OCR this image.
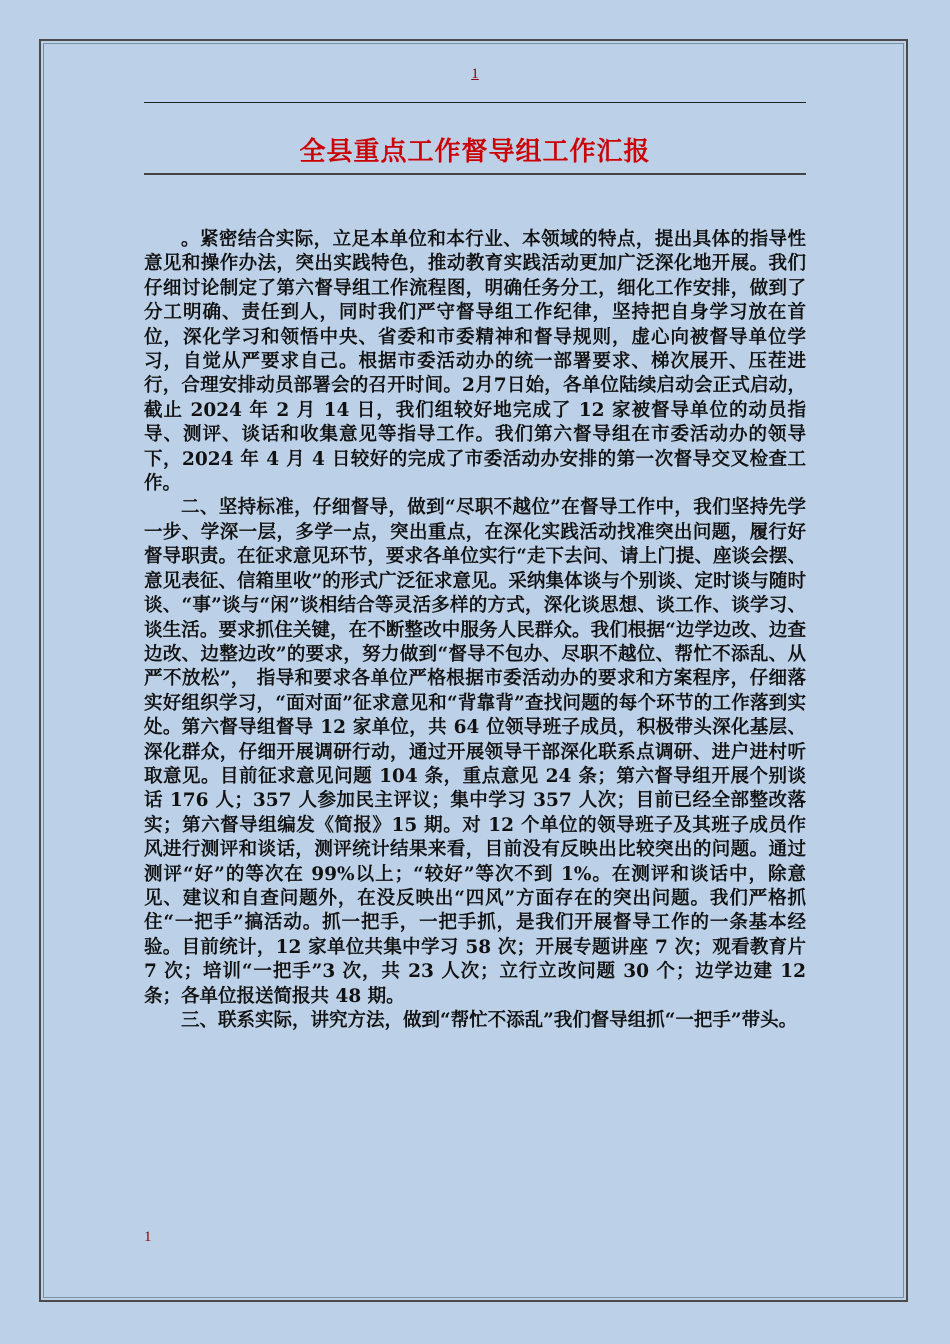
1
全县重点工作督导组工作汇报

。紧密结合实际，立足本单位和本行业、本领域的特点，提出具体的指导性意见和操作办法，突出实践特色，推动教育实践活动更加广泛深化地开展。我们仔细讨论制定了第六督导组工作流程图，明确任务分工，细化工作安排，做到了分工明确、责任到人，同时我们严守督导组工作纪律，坚持把自身学习放在首位，深化学习和领悟中央、省委和市委精神和督导规则，虚心向被督导单位学习，自觉从严要求自己。根据市委活动办的统一部署要求、梯次展开、压茬进行，合理安排动员部署会的召开时间。2月7日始，各单位陆续启动会正式启动，截止 2024 年 2 月 14 日，我们组较好地完成了 12 家被督导单位的动员指导、测评、谈话和收集意见等指导工作。我们第六督导组在市委活动办的领导下，2024 年 4 月 4 日较好的完成了市委活动办安排的第一次督导交叉检查工作。

二、坚持标准，仔细督导，做到“尽职不越位”在督导工作中，我们坚持先学一步、学深一层，多学一点，突出重点，在深化实践活动找准突出问题，履行好督导职责。在征求意见环节，要求各单位实行“走下去问、请上门提、座谈会摆、意见表征、信箱里收”的形式广泛征求意见。采纳集体谈与个别谈、定时谈与随时谈、“事”谈与“闲”谈相结合等灵活多样的方式，深化谈思想、谈工作、谈学习、谈生活。要求抓住关键，在不断整改中服务人民群众。我们根据“边学边改、边查边改、边整边改”的要求，努力做到“督导不包办、尽职不越位、帮忙不添乱、从严不放松”， 指导和要求各单位严格根据市委活动办的要求和方案程序，仔细落实好组织学习，“面对面”征求意见和“背靠背”查找问题的每个环节的工作落到实处。第六督导组督导 12 家单位，共 64 位领导班子成员，积极带头深化基层、深化群众，仔细开展调研行动，通过开展领导干部深化联系点调研、进户进村听取意见。目前征求意见问题 104 条，重点意见 24 条；第六督导组开展个别谈话 176 人；357 人参加民主评议；集中学习 357 人次；目前已经全部整改落实；第六督导组编发《简报》15 期。对 12 个单位的领导班子及其班子成员作风进行测评和谈话，测评统计结果来看，目前没有反映出比较突出的问题。通过测评“好”的等次在 99%以上；“较好”等次不到 1%。在测评和谈话中，除意见、建议和自查问题外，在没反映出“四风”方面存在的突出问题。我们严格抓住“一把手”搞活动。抓一把手，一把手抓，是我们开展督导工作的一条基本经验。目前统计，12 家单位共集中学习 58 次；开展专题讲座 7 次；观看教育片 7 次；培训“一把手”3 次，共 23 人次；立行立改问题 30 个；边学边建 12 条；各单位报送简报共 48 期。

三、联系实际，讲究方法，做到“帮忙不添乱”我们督导组抓“一把手”带头。

1
